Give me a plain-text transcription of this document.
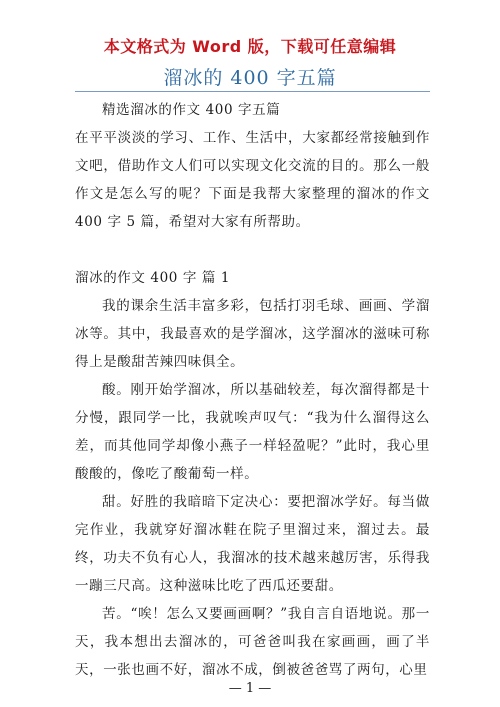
本文格式为 Word 版，下载可任意编辑
溜冰的 400 字五篇

精选溜冰的作文 400 字五篇

在平平淡淡的学习、工作、生活中，大家都经常接触到作文吧，借助作文人们可以实现文化交流的目的。那么一般作文是怎么写的呢？下面是我帮大家整理的溜冰的作文 400 字 5 篇，希望对大家有所帮助。

溜冰的作文 400 字 篇 1

我的课余生活丰富多彩，包括打羽毛球、画画、学溜冰等。其中，我最喜欢的是学溜冰，这学溜冰的滋味可称得上是酸甜苦辣四味俱全。

酸。刚开始学溜冰，所以基础较差，每次溜得都是十分慢，跟同学一比，我就唉声叹气：“我为什么溜得这么差，而其他同学却像小燕子一样轻盈呢？”此时，我心里酸酸的，像吃了酸葡萄一样。

甜。好胜的我暗暗下定决心：要把溜冰学好。每当做完作业，我就穿好溜冰鞋在院子里溜过来，溜过去。最终，功夫不负有心人，我溜冰的技术越来越厉害，乐得我一蹦三尺高。这种滋味比吃了西瓜还要甜。

苦。“唉！怎么又要画画啊？”我自言自语地说。那一天，我本想出去溜冰的，可爸爸叫我在家画画，画了半天，一张也画不好，溜冰不成，倒被爸爸骂了两句，心里

— 1 —
